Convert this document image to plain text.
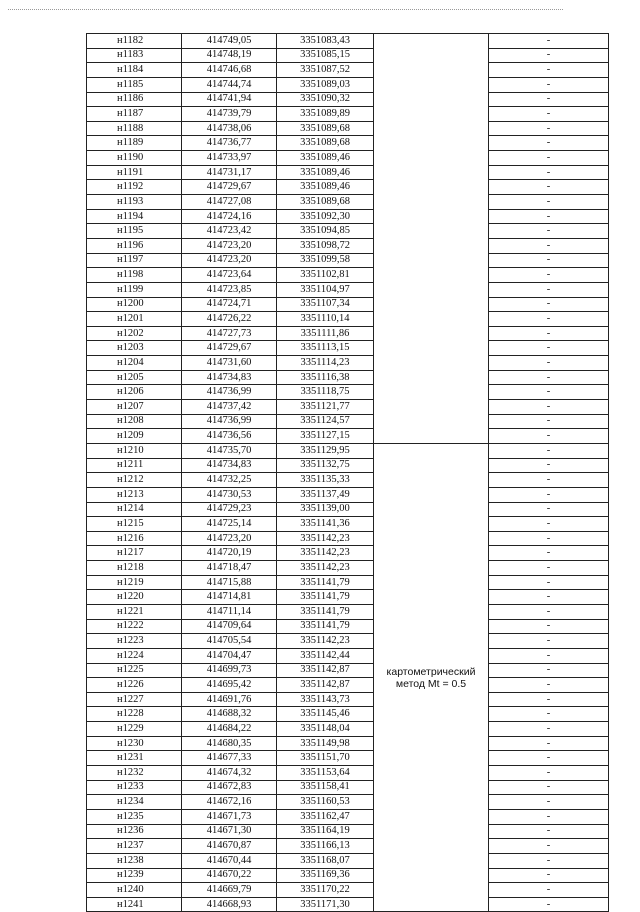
н1182	414749,05	3351083,43		-
н1183	414748,19	3351085,15		-
н1184	414746,68	3351087,52		-
н1185	414744,74	3351089,03		-
н1186	414741,94	3351090,32		-
н1187	414739,79	3351089,89		-
н1188	414738,06	3351089,68		-
н1189	414736,77	3351089,68		-
н1190	414733,97	3351089,46		-
н1191	414731,17	3351089,46		-
н1192	414729,67	3351089,46		-
н1193	414727,08	3351089,68		-
н1194	414724,16	3351092,30		-
н1195	414723,42	3351094,85		-
н1196	414723,20	3351098,72		-
н1197	414723,20	3351099,58		-
н1198	414723,64	3351102,81		-
н1199	414723,85	3351104,97		-
н1200	414724,71	3351107,34		-
н1201	414726,22	3351110,14		-
н1202	414727,73	3351111,86		-
н1203	414729,67	3351113,15		-
н1204	414731,60	3351114,23		-
н1205	414734,83	3351116,38		-
н1206	414736,99	3351118,75		-
н1207	414737,42	3351121,77		-
н1208	414736,99	3351124,57		-
н1209	414736,56	3351127,15		-
н1210	414735,70	3351129,95	картометрический метод Mt = 0.5	-
н1211	414734,83	3351132,75		-
н1212	414732,25	3351135,33		-
н1213	414730,53	3351137,49		-
н1214	414729,23	3351139,00		-
н1215	414725,14	3351141,36		-
н1216	414723,20	3351142,23		-
н1217	414720,19	3351142,23		-
н1218	414718,47	3351142,23		-
н1219	414715,88	3351141,79		-
н1220	414714,81	3351141,79		-
н1221	414711,14	3351141,79		-
н1222	414709,64	3351141,79		-
н1223	414705,54	3351142,23		-
н1224	414704,47	3351142,44		-
н1225	414699,73	3351142,87		-
н1226	414695,42	3351142,87		-
н1227	414691,76	3351143,73		-
н1228	414688,32	3351145,46		-
н1229	414684,22	3351148,04		-
н1230	414680,35	3351149,98		-
н1231	414677,33	3351151,70		-
н1232	414674,32	3351153,64		-
н1233	414672,83	3351158,41		-
н1234	414672,16	3351160,53		-
н1235	414671,73	3351162,47		-
н1236	414671,30	3351164,19		-
н1237	414670,87	3351166,13		-
н1238	414670,44	3351168,07		-
н1239	414670,22	3351169,36		-
н1240	414669,79	3351170,22		-
н1241	414668,93	3351171,30		-
